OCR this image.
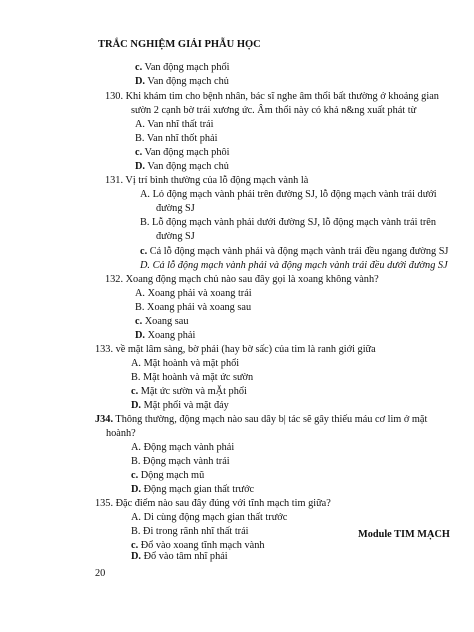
TRẮC NGHIỆM GIẢI PHẪU HỌC
c. Van động mạch phổi
D. Van động mạch chủ
130. Khi khám tim cho bệnh nhân, bác sĩ nghe âm thổi bất thường ở khoảng gian
sườn 2 cạnh bờ trái xương ức. Âm thổi này có khả n&ng xuất phát từ
A. Van nhĩ thất trái
B. Van nhĩ thốt phải
c. Van động mạch phôi
D. Van động mạch chủ
131. Vị trí bình thường của lỗ động mạch vành là
A. Lỏ động mạch vành phải trên đường SJ, lỗ động mạch vành trái dưới
đường SJ
B. Lỗ động mạch vành phải dưới đường SJ, lỗ động mạch vành trái trên
đường SJ
c. Cả lỗ động mạch vành phải và động mạch vành trái đều ngang đường SJ
D. Cả lỗ động mạch vành phải và động mạch vành trái đều dưới đường SJ
132. Xoang động mạch chủ nào sau đây gọi là xoang không vành?
A. Xoang phải và xoang trái
B. Xoang phải và xoang sau
c. Xoang sau
D. Xoang phải
133. về mặt lâm sàng, bờ phải (hay bờ sấc) của tim là ranh giới giữa
A. Mặt hoành và mặt phổi
B. Mặt hoành và mặt ức sườn
c. Mặt ức sườn và mẶt phổi
D. Mặt phổi và mặt đáy
J34. Thông thường, động mạch nào sau dây b| tác sẽ gây thiếu máu cơ lim ở mặt
hoành?
A. Động mạch vành phải
B. Động mạch vành trái
c. Dộng mạch mũ
D. Động mạch gian thất trước
135. Đặc điểm nào sau đây đúng với tĩnh mạch tim giữa?
A. Di cùng động mạch gian thất trước
B. Đi trong rãnh nhĩ thất trái
c. Đổ vào xoang tĩnh mạch vành
Module TIM MẠCH
D. Đổ vào tâm nhĩ phải
20
